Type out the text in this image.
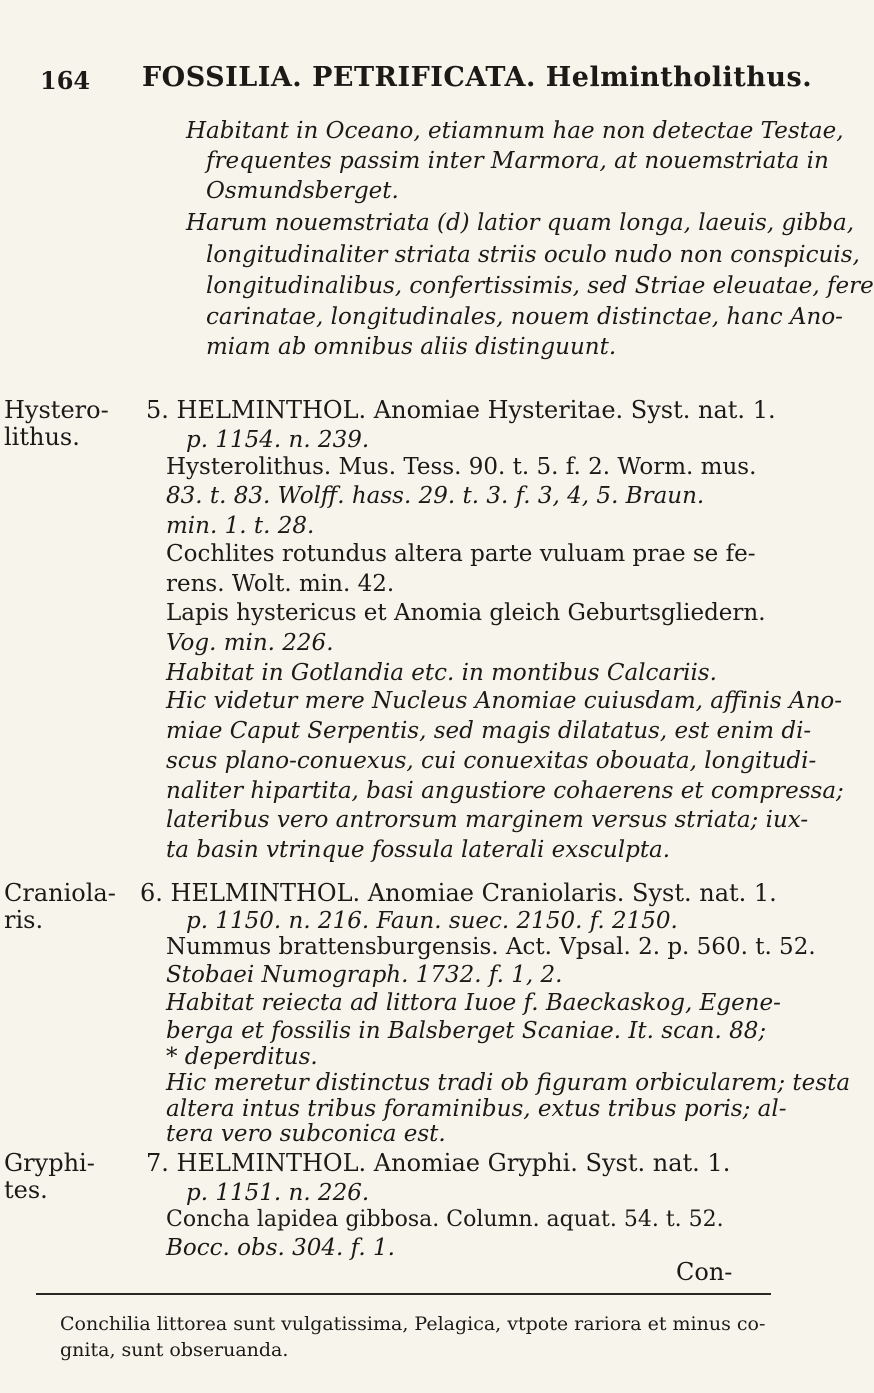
164 FOSSILIA. PETRIFICATA. Helmintholithus.
Habitant in Oceano, etiamnum hae non detectae Testae,
frequentes passim inter Marmora, at nouemstriata in
Osmundsberget.
Harum nouemstriata (d) latior quam longa, laeuis, gibba,
longitudinaliter striata striis oculo nudo non conspicuis,
longitudinalibus, confertissimis, sed Striae eleuatae, fere
carinatae, longitudinales, nouem distinctae, hanc Ano-
miam ab omnibus aliis distinguunt.
Hystero-
lithus.
5. HELMINTHOL. Anomiae Hysteritae. Syst. nat. 1.
p. 1154. n. 239.
Hysterolithus. Mus. Tess. 90. t. 5. f. 2. Worm. mus.
83. t. 83. Wolff. hass. 29. t. 3. f. 3, 4, 5. Braun.
min. 1. t. 28.
Cochlites rotundus altera parte vuluam prae se fe-
rens. Wolt. min. 42.
Lapis hystericus et Anomia gleich Geburtsgliedern.
Vog. min. 226.
Habitat in Gotlandia etc. in montibus Calcariis.
Hic videtur mere Nucleus Anomiae cuiusdam, affinis Ano-
miae Caput Serpentis, sed magis dilatatus, est enim di-
scus plano-conuexus, cui conuexitas obouata, longitudi-
naliter hipartita, basi angustiore cohaerens et compressa;
lateribus vero antrorsum marginem versus striata; iux-
ta basin vtrinque fossula laterali exsculpta.
Craniola-
ris.
6. HELMINTHOL. Anomiae Craniolaris. Syst. nat. 1.
p. 1150. n. 216. Faun. suec. 2150. f. 2150.
Nummus brattensburgensis. Act. Vpsal. 2. p. 560. t. 52.
Stobaei Numograph. 1732. f. 1, 2.
Habitat reiecta ad littora Iuoe f. Baeckaskog, Egene-
berga et fossilis in Balsberget Scaniae. It. scan. 88;
* deperditus.
Hic meretur distinctus tradi ob figuram orbicularem; testa
altera intus tribus foraminibus, extus tribus poris; al-
tera vero subconica est.
Gryphi-
tes.
7. HELMINTHOL. Anomiae Gryphi. Syst. nat. 1.
p. 1151. n. 226.
Concha lapidea gibbosa. Column. aquat. 54. t. 52.
Bocc. obs. 304. f. 1.
Con-
Conchilia littorea sunt vulgatissima, Pelagica, vtpote rariora et minus co-
gnita, sunt obseruanda.
